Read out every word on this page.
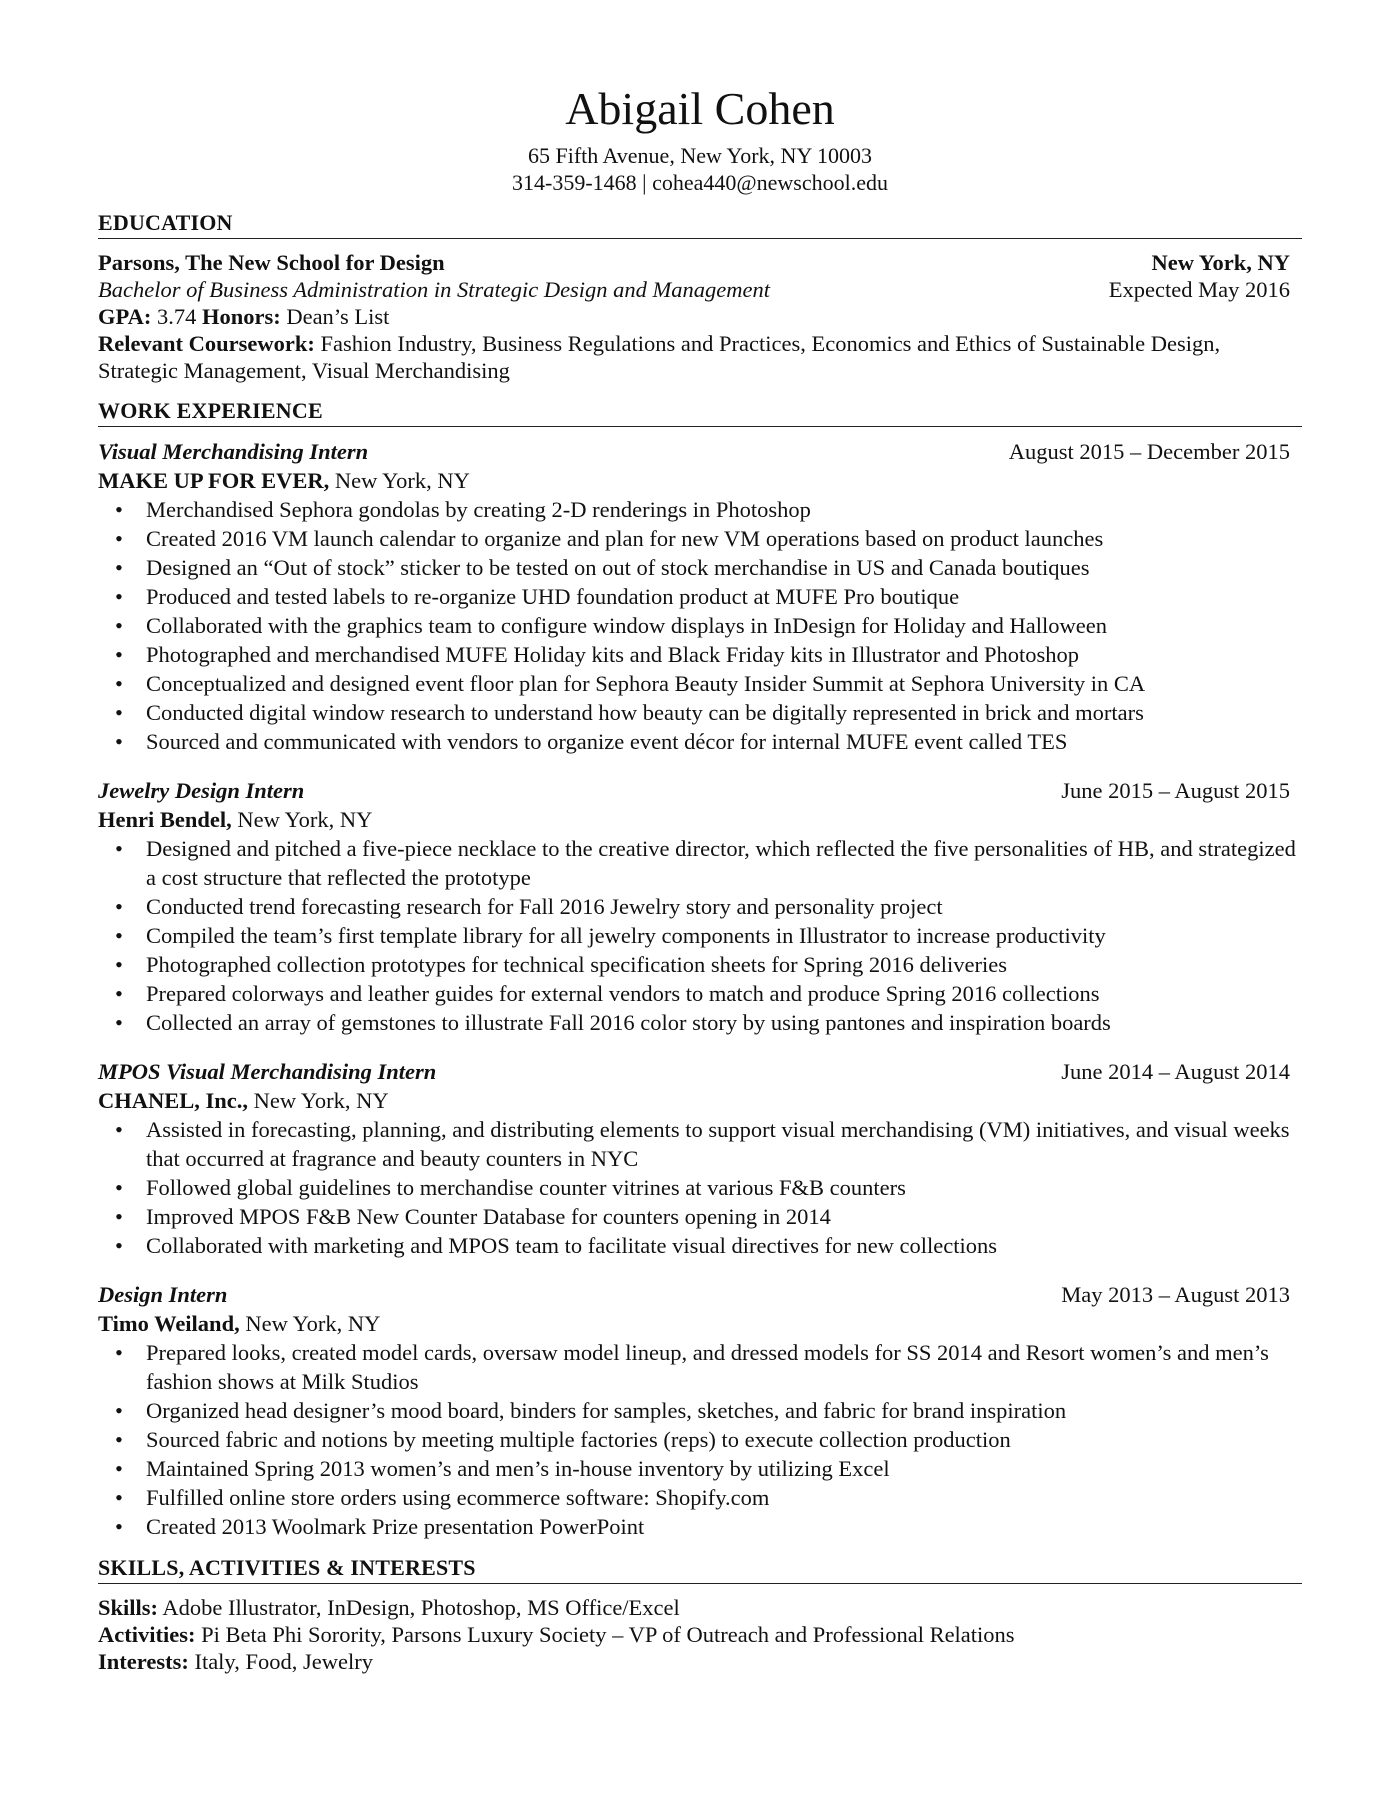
Abigail Cohen
65 Fifth Avenue, New York, NY 10003
314-359-1468 | cohea440@newschool.edu
EDUCATION
Parsons, The New School for Design	New York, NY
Bachelor of Business Administration in Strategic Design and Management	Expected May 2016
GPA: 3.74 Honors: Dean’s List
Relevant Coursework: Fashion Industry, Business Regulations and Practices, Economics and Ethics of Sustainable Design, Strategic Management, Visual Merchandising
WORK EXPERIENCE
Visual Merchandising Intern	August 2015 – December 2015
MAKE UP FOR EVER, New York, NY
• Merchandised Sephora gondolas by creating 2-D renderings in Photoshop
• Created 2016 VM launch calendar to organize and plan for new VM operations based on product launches
• Designed an “Out of stock” sticker to be tested on out of stock merchandise in US and Canada boutiques
• Produced and tested labels to re-organize UHD foundation product at MUFE Pro boutique
• Collaborated with the graphics team to configure window displays in InDesign for Holiday and Halloween
• Photographed and merchandised MUFE Holiday kits and Black Friday kits in Illustrator and Photoshop
• Conceptualized and designed event floor plan for Sephora Beauty Insider Summit at Sephora University in CA
• Conducted digital window research to understand how beauty can be digitally represented in brick and mortars
• Sourced and communicated with vendors to organize event décor for internal MUFE event called TES
Jewelry Design Intern	June 2015 – August 2015
Henri Bendel, New York, NY
• Designed and pitched a five-piece necklace to the creative director, which reflected the five personalities of HB, and strategized a cost structure that reflected the prototype
• Conducted trend forecasting research for Fall 2016 Jewelry story and personality project
• Compiled the team’s first template library for all jewelry components in Illustrator to increase productivity
• Photographed collection prototypes for technical specification sheets for Spring 2016 deliveries
• Prepared colorways and leather guides for external vendors to match and produce Spring 2016 collections
• Collected an array of gemstones to illustrate Fall 2016 color story by using pantones and inspiration boards
MPOS Visual Merchandising Intern	June 2014 – August 2014
CHANEL, Inc., New York, NY
• Assisted in forecasting, planning, and distributing elements to support visual merchandising (VM) initiatives, and visual weeks that occurred at fragrance and beauty counters in NYC
• Followed global guidelines to merchandise counter vitrines at various F&B counters
• Improved MPOS F&B New Counter Database for counters opening in 2014
• Collaborated with marketing and MPOS team to facilitate visual directives for new collections
Design Intern	May 2013 – August 2013
Timo Weiland, New York, NY
• Prepared looks, created model cards, oversaw model lineup, and dressed models for SS 2014 and Resort women’s and men’s fashion shows at Milk Studios
• Organized head designer’s mood board, binders for samples, sketches, and fabric for brand inspiration
• Sourced fabric and notions by meeting multiple factories (reps) to execute collection production
• Maintained Spring 2013 women’s and men’s in-house inventory by utilizing Excel
• Fulfilled online store orders using ecommerce software: Shopify.com
• Created 2013 Woolmark Prize presentation PowerPoint
SKILLS, ACTIVITIES & INTERESTS
Skills: Adobe Illustrator, InDesign, Photoshop, MS Office/Excel
Activities: Pi Beta Phi Sorority, Parsons Luxury Society – VP of Outreach and Professional Relations
Interests: Italy, Food, Jewelry
